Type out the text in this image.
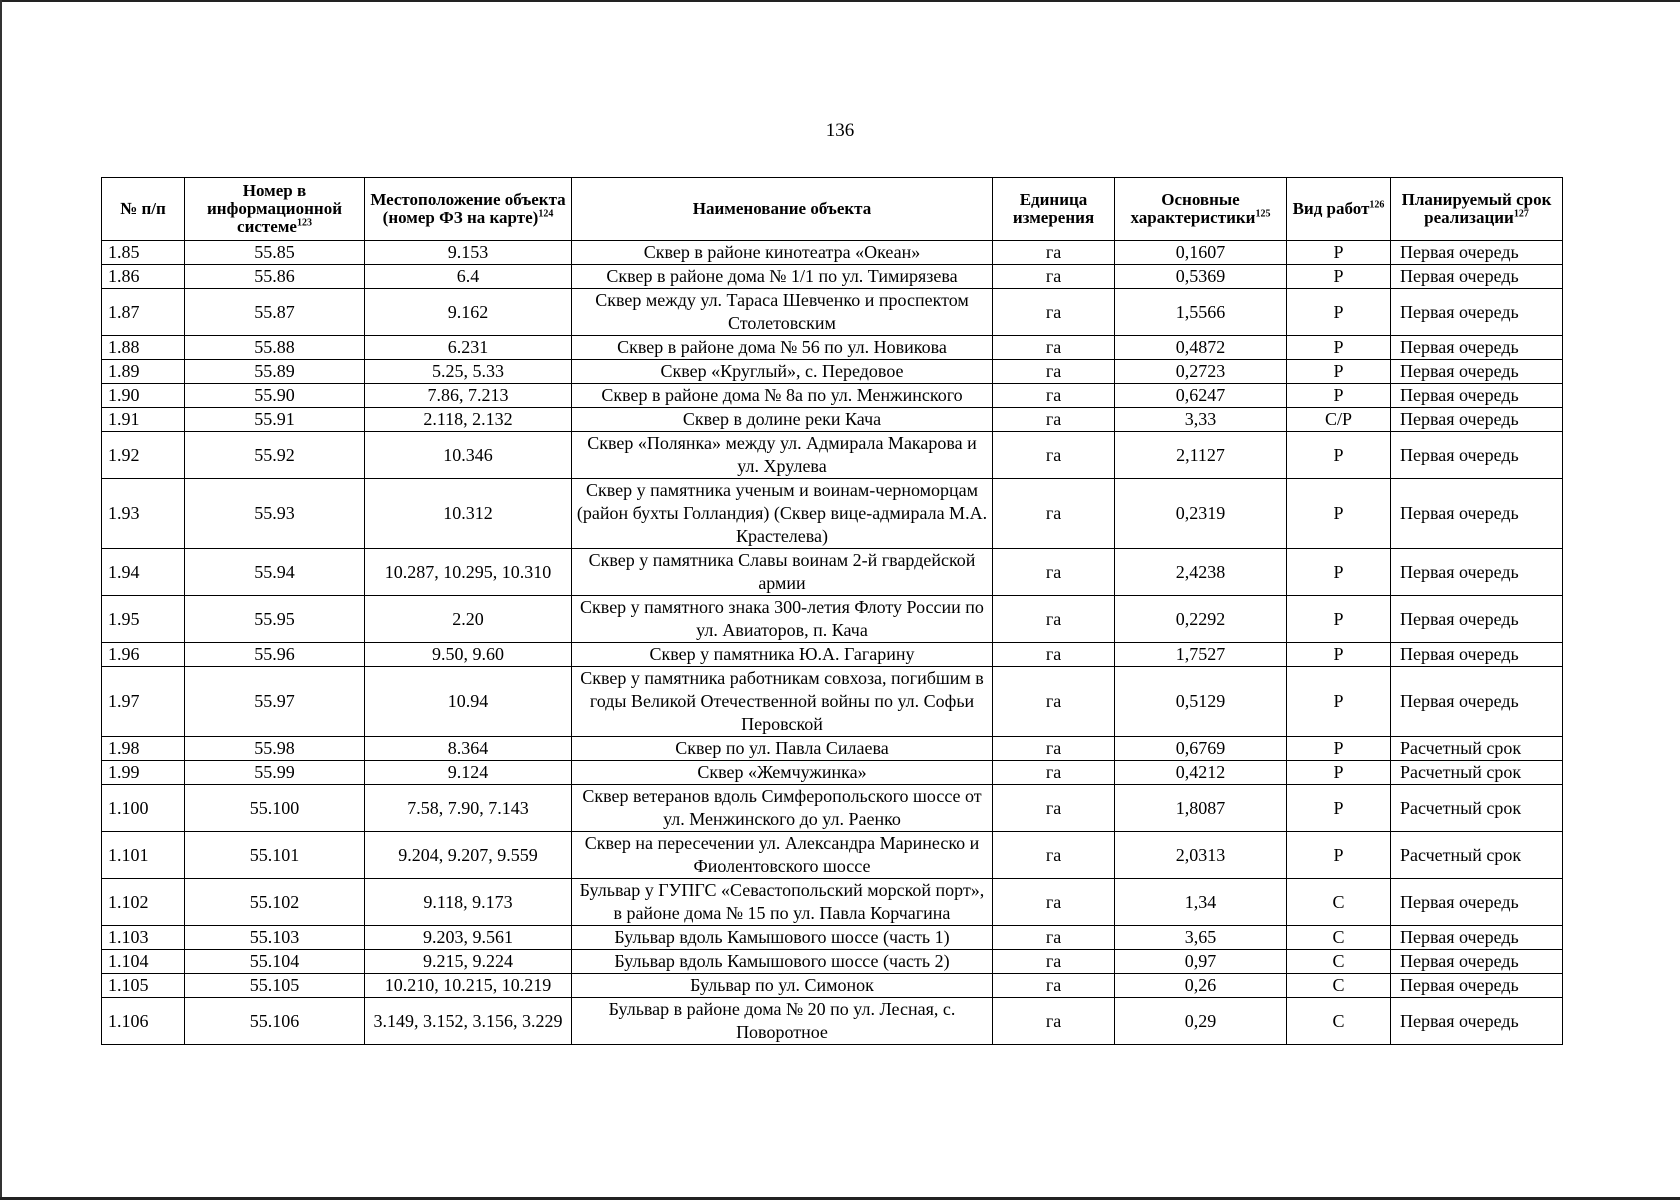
136
№ п/п	Номер в информационной системе$^{123}$	Местоположение объекта (номер ФЗ на карте)$^{124}$	Наименование объекта	Единица измерения	Основные характеристики$^{125}$	Вид работ$^{126}$	Планируемый срок реализации$^{127}$
1.85	55.85	9.153	Сквер в районе кинотеатра «Океан»	га	0,1607	Р	Первая очередь
1.86	55.86	6.4	Сквер в районе дома № 1/1 по ул. Тимирязева	га	0,5369	Р	Первая очередь
1.87	55.87	9.162	Сквер между ул. Тараса Шевченко и проспектом Столетовским	га	1,5566	Р	Первая очередь
1.88	55.88	6.231	Сквер в районе дома № 56 по ул. Новикова	га	0,4872	Р	Первая очередь
1.89	55.89	5.25, 5.33	Сквер «Круглый», с. Передовое	га	0,2723	Р	Первая очередь
1.90	55.90	7.86, 7.213	Сквер в районе дома № 8а по ул. Менжинского	га	0,6247	Р	Первая очередь
1.91	55.91	2.118, 2.132	Сквер в долине реки Кача	га	3,33	С/Р	Первая очередь
1.92	55.92	10.346	Сквер «Полянка» между ул. Адмирала Макарова и ул. Хрулева	га	2,1127	Р	Первая очередь
1.93	55.93	10.312	Сквер у памятника ученым и воинам-черноморцам (район бухты Голландия) (Сквер вице-адмирала М.А. Крастелева)	га	0,2319	Р	Первая очередь
1.94	55.94	10.287, 10.295, 10.310	Сквер у памятника Славы воинам 2-й гвардейской армии	га	2,4238	Р	Первая очередь
1.95	55.95	2.20	Сквер у памятного знака 300-летия Флоту России по ул. Авиаторов, п. Кача	га	0,2292	Р	Первая очередь
1.96	55.96	9.50, 9.60	Сквер у памятника Ю.А. Гагарину	га	1,7527	Р	Первая очередь
1.97	55.97	10.94	Сквер у памятника работникам совхоза, погибшим в годы Великой Отечественной войны по ул. Софьи Перовской	га	0,5129	Р	Первая очередь
1.98	55.98	8.364	Сквер по ул. Павла Силаева	га	0,6769	Р	Расчетный срок
1.99	55.99	9.124	Сквер «Жемчужинка»	га	0,4212	Р	Расчетный срок
1.100	55.100	7.58, 7.90, 7.143	Сквер ветеранов вдоль Симферопольского шоссе от ул. Менжинского до ул. Раенко	га	1,8087	Р	Расчетный срок
1.101	55.101	9.204, 9.207, 9.559	Сквер на пересечении ул. Александра Маринеско и Фиолентовского шоссе	га	2,0313	Р	Расчетный срок
1.102	55.102	9.118, 9.173	Бульвар у ГУПГС «Севастопольский морской порт», в районе дома № 15 по ул. Павла Корчагина	га	1,34	С	Первая очередь
1.103	55.103	9.203, 9.561	Бульвар вдоль Камышового шоссе (часть 1)	га	3,65	С	Первая очередь
1.104	55.104	9.215, 9.224	Бульвар вдоль Камышового шоссе (часть 2)	га	0,97	С	Первая очередь
1.105	55.105	10.210, 10.215, 10.219	Бульвар по ул. Симонок	га	0,26	С	Первая очередь
1.106	55.106	3.149, 3.152, 3.156, 3.229	Бульвар в районе дома № 20 по ул. Лесная, с. Поворотное	га	0,29	С	Первая очередь
